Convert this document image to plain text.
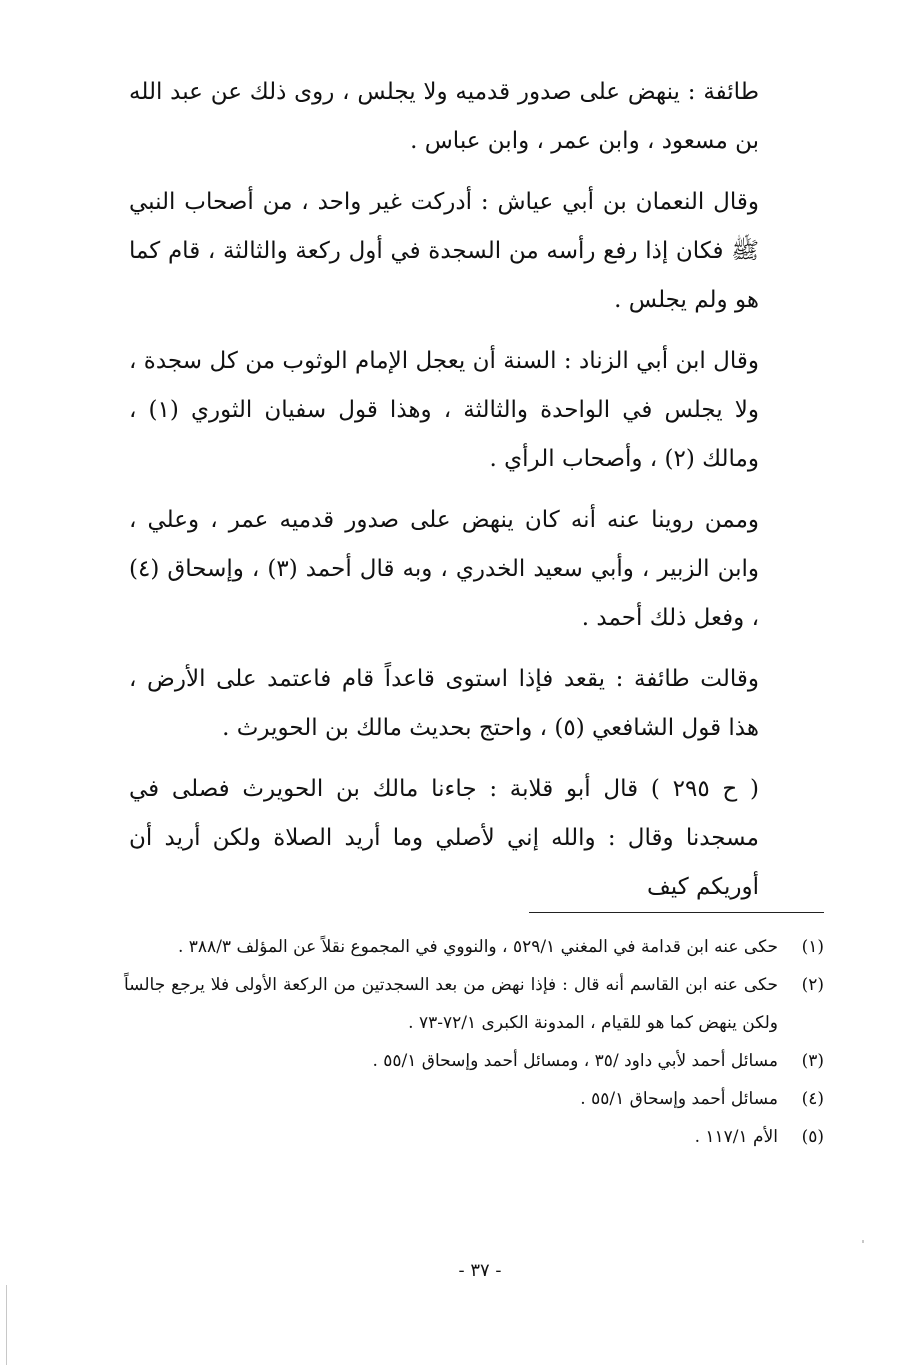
طائفة : ينهض على صدور قدميه ولا يجلس ، روى ذلك عن عبد الله بن مسعود ، وابن عمر ، وابن عباس .

وقال النعمان بن أبي عياش : أدركت غير واحد ، من أصحاب النبي ﷺ فكان إذا رفع رأسه من السجدة في أول ركعة والثالثة ، قام كما هو ولم يجلس .

وقال ابن أبي الزناد : السنة أن يعجل الإمام الوثوب من كل سجدة ، ولا يجلس في الواحدة والثالثة ، وهذا قول سفيان الثوري (١) ، ومالك (٢) ، وأصحاب الرأي .

وممن روينا عنه أنه كان ينهض على صدور قدميه عمر ، وعلي ، وابن الزبير ، وأبي سعيد الخدري ، وبه قال أحمد (٣) ، وإسحاق (٤) ، وفعل ذلك أحمد .

وقالت طائفة : يقعد فإذا استوى قاعداً قام فاعتمد على الأرض ، هذا قول الشافعي (٥) ، واحتج بحديث مالك بن الحويرث .

( ح ٢٩٥ ) قال أبو قلابة : جاءنا مالك بن الحويرث فصلى في مسجدنا وقال : والله إني لأصلي وما أريد الصلاة ولكن أريد أن أوريكم كيف

(١)
حكى عنه ابن قدامة في المغني ٥٢٩/١ ، والنووي في المجموع نقلاً عن المؤلف ٣٨٨/٣ .
(٢)
حكى عنه ابن القاسم أنه قال : فإذا نهض من بعد السجدتين من الركعة الأولى فلا يرجع جالساً ولكن ينهض كما هو للقيام ، المدونة الكبرى ٧٢/١-٧٣ .
(٣)
مسائل أحمد لأبي داود /٣٥ ، ومسائل أحمد وإسحاق ٥٥/١ .
(٤)
مسائل أحمد وإسحاق ٥٥/١ .
(٥)
الأم ١١٧/١ .
- ٣٧ -
